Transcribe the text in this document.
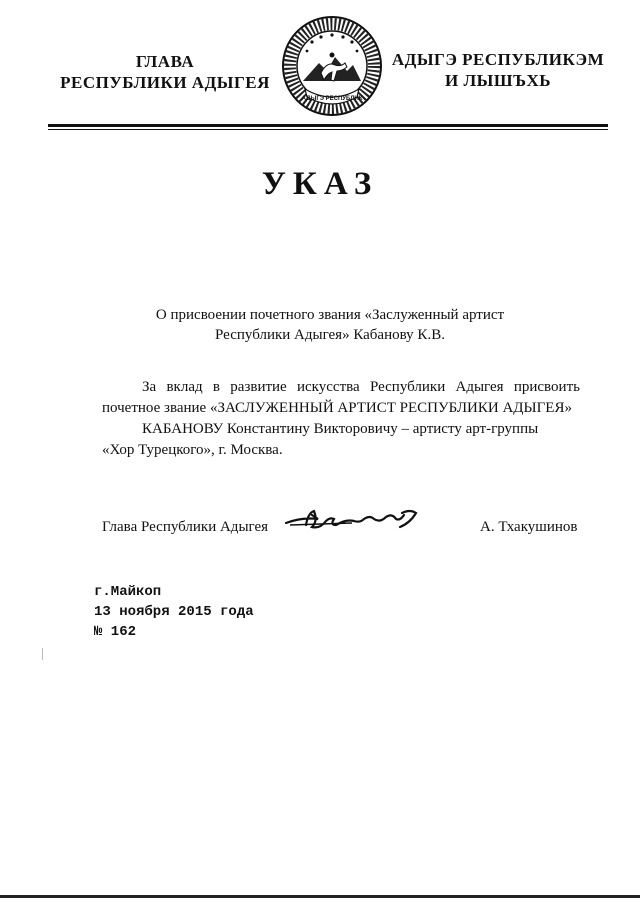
ГЛАВА
РЕСПУБЛИКИ АДЫГЕЯ
АДЫГЭ РЕСПУБЛИК
АДЫГЭ РЕСПУБЛИКЭМ
И ЛЫШЪХЬ
УКАЗ
О присвоении почетного звания «Заслуженный артист
Республики Адыгея» Кабанову К.В.
За вклад в развитие искусства Республики Адыгея присвоить
почетное звание «ЗАСЛУЖЕННЫЙ АРТИСТ РЕСПУБЛИКИ АДЫГЕЯ»
КАБАНОВУ Константину Викторовичу – артисту арт-группы
«Хор Турецкого», г. Москва.
Глава Республики Адыгея	А. Тхакушинов
г.Майкоп
13 ноября 2015 года
№ 162
